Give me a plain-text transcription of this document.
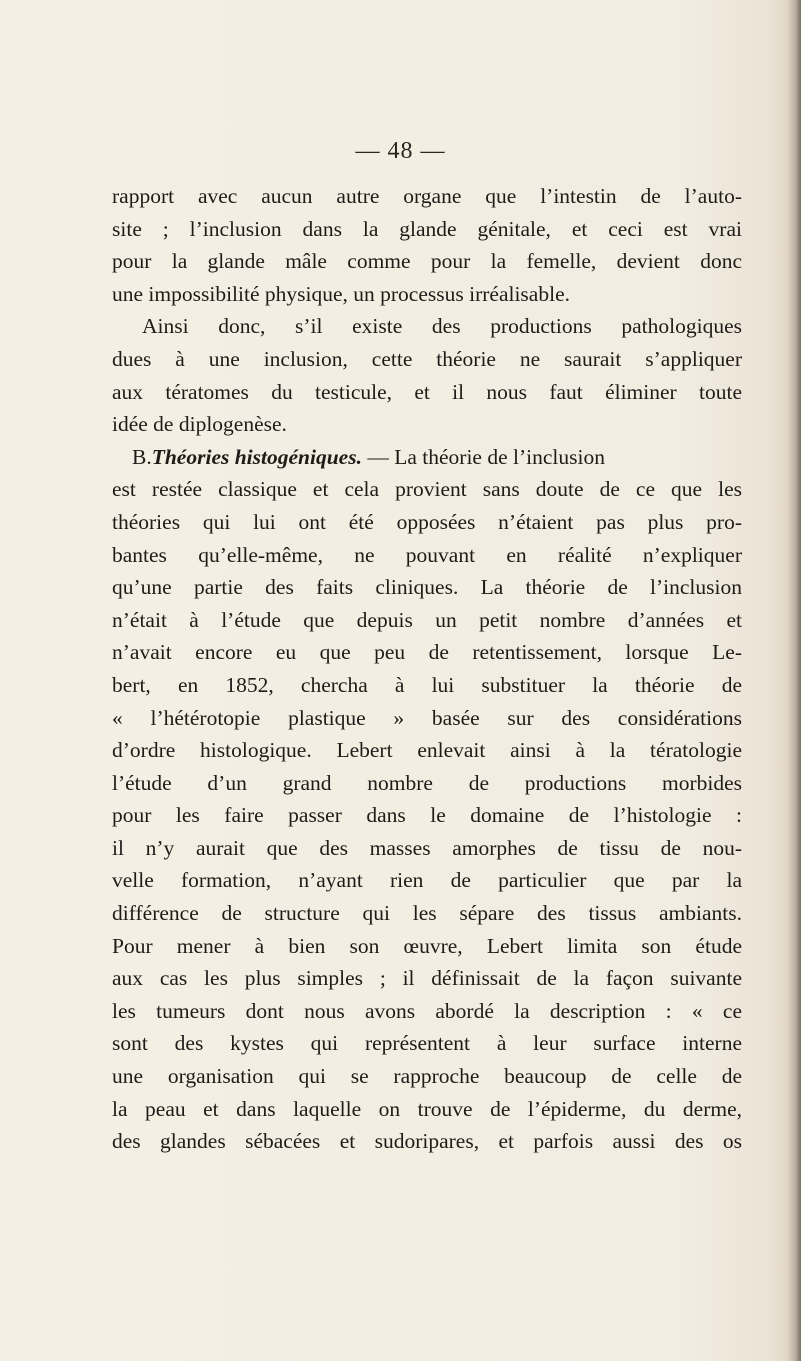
— 48 —
rapport avec aucun autre organe que l’intestin de l’auto-
site ; l’inclusion dans la glande génitale, et ceci est vrai
pour la glande mâle comme pour la femelle, devient donc
une impossibilité physique, un processus irréalisable.
Ainsi donc, s’il existe des productions pathologiques
dues à une inclusion, cette théorie ne saurait s’appliquer
aux tératomes du testicule, et il nous faut éliminer toute
idée de diplogenèse.
B.Théories histogéniques. — La théorie de l’inclusion
est restée classique et cela provient sans doute de ce que les
théories qui lui ont été opposées n’étaient pas plus pro-
bantes qu’elle-même, ne pouvant en réalité n’expliquer
qu’une partie des faits cliniques. La théorie de l’inclusion
n’était à l’étude que depuis un petit nombre d’années et
n’avait encore eu que peu de retentissement, lorsque Le-
bert, en 1852, chercha à lui substituer la théorie de
« l’hétérotopie plastique » basée sur des considérations
d’ordre histologique. Lebert enlevait ainsi à la tératologie
l’étude d’un grand nombre de productions morbides
pour les faire passer dans le domaine de l’histologie :
il n’y aurait que des masses amorphes de tissu de nou-
velle formation, n’ayant rien de particulier que par la
différence de structure qui les sépare des tissus ambiants.
Pour mener à bien son œuvre, Lebert limita son étude
aux cas les plus simples ; il définissait de la façon suivante
les tumeurs dont nous avons abordé la description : « ce
sont des kystes qui représentent à leur surface interne
une organisation qui se rapproche beaucoup de celle de
la peau et dans laquelle on trouve de l’épiderme, du derme,
des glandes sébacées et sudoripares, et parfois aussi des os
